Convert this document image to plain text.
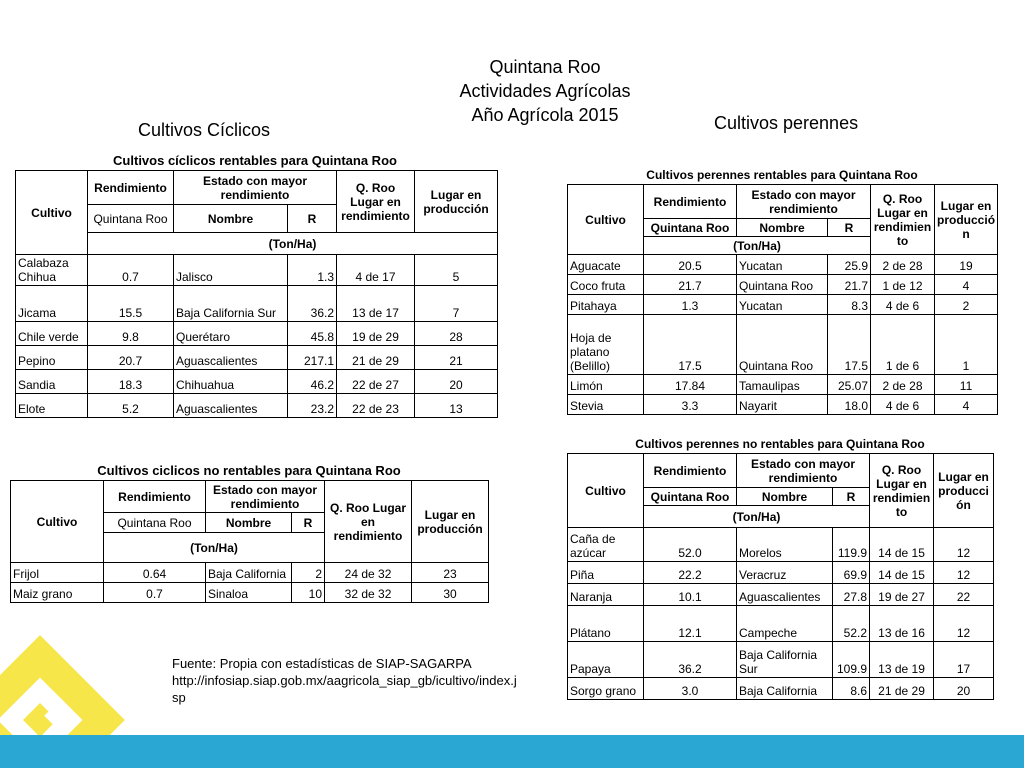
Quintana Roo
Actividades Agrícolas
Año Agrícola 2015
Cultivos Cíclicos	Cultivos perennes
Cultivos cíclicos rentables para Quintana Roo
Cultivo	Rendimiento	Estado con mayor rendimiento		Q. Roo Lugar en rendimiento	Lugar en producción
	Quintana Roo	Nombre	R		
	(Ton/Ha)				
Calabaza Chihua	0.7	Jalisco	1.3	4 de 17	5
Jicama	15.5	Baja California Sur	36.2	13 de 17	7
Chile verde	9.8	Querétaro	45.8	19 de 29	28
Pepino	20.7	Aguascalientes	217.1	21 de 29	21
Sandia	18.3	Chihuahua	46.2	22 de 27	20
Elote	5.2	Aguascalientes	23.2	22 de 23	13
Cultivos ciclicos no rentables para Quintana Roo
Cultivo	Rendimiento	Estado con mayor rendimiento		Q. Roo Lugar en rendimiento	Lugar en producción
	Quintana Roo	Nombre	R		
	(Ton/Ha)				
Frijol	0.64	Baja California	2	24 de 32	23
Maiz grano	0.7	Sinaloa	10	32 de 32	30
Cultivos perennes rentables para Quintana Roo
Cultivo	Rendimiento	Estado con mayor rendimiento		Q. Roo Lugar en rendimien to	Lugar en producció n
	Quintana Roo	Nombre	R		
	(Ton/Ha)				
Aguacate	20.5	Yucatan	25.9	2 de 28	19
Coco fruta	21.7	Quintana Roo	21.7	1 de 12	4
Pitahaya	1.3	Yucatan	8.3	4 de 6	2
Hoja de platano (Belillo)	17.5	Quintana Roo	17.5	1 de 6	1
Limón	17.84	Tamaulipas	25.07	2 de 28	11
Stevia	3.3	Nayarit	18.0	4 de 6	4
Cultivos perennes no rentables para Quintana Roo
Cultivo	Rendimiento	Estado con mayor rendimiento		Q. Roo Lugar en rendimien to	Lugar en producci ón
	Quintana Roo	Nombre	R		
	(Ton/Ha)				
Caña de azúcar	52.0	Morelos	119.9	14 de 15	12
Piña	22.2	Veracruz	69.9	14 de 15	12
Naranja	10.1	Aguascalientes	27.8	19 de 27	22
Plátano	12.1	Campeche	52.2	13 de 16	12
Papaya	36.2	Baja California Sur	109.9	13 de 19	17
Sorgo grano	3.0	Baja California	8.6	21 de 29	20
Fuente: Propia con estadísticas de SIAP-SAGARPA
http://infosiap.siap.gob.mx/aagricola_siap_gb/icultivo/index.jsp
